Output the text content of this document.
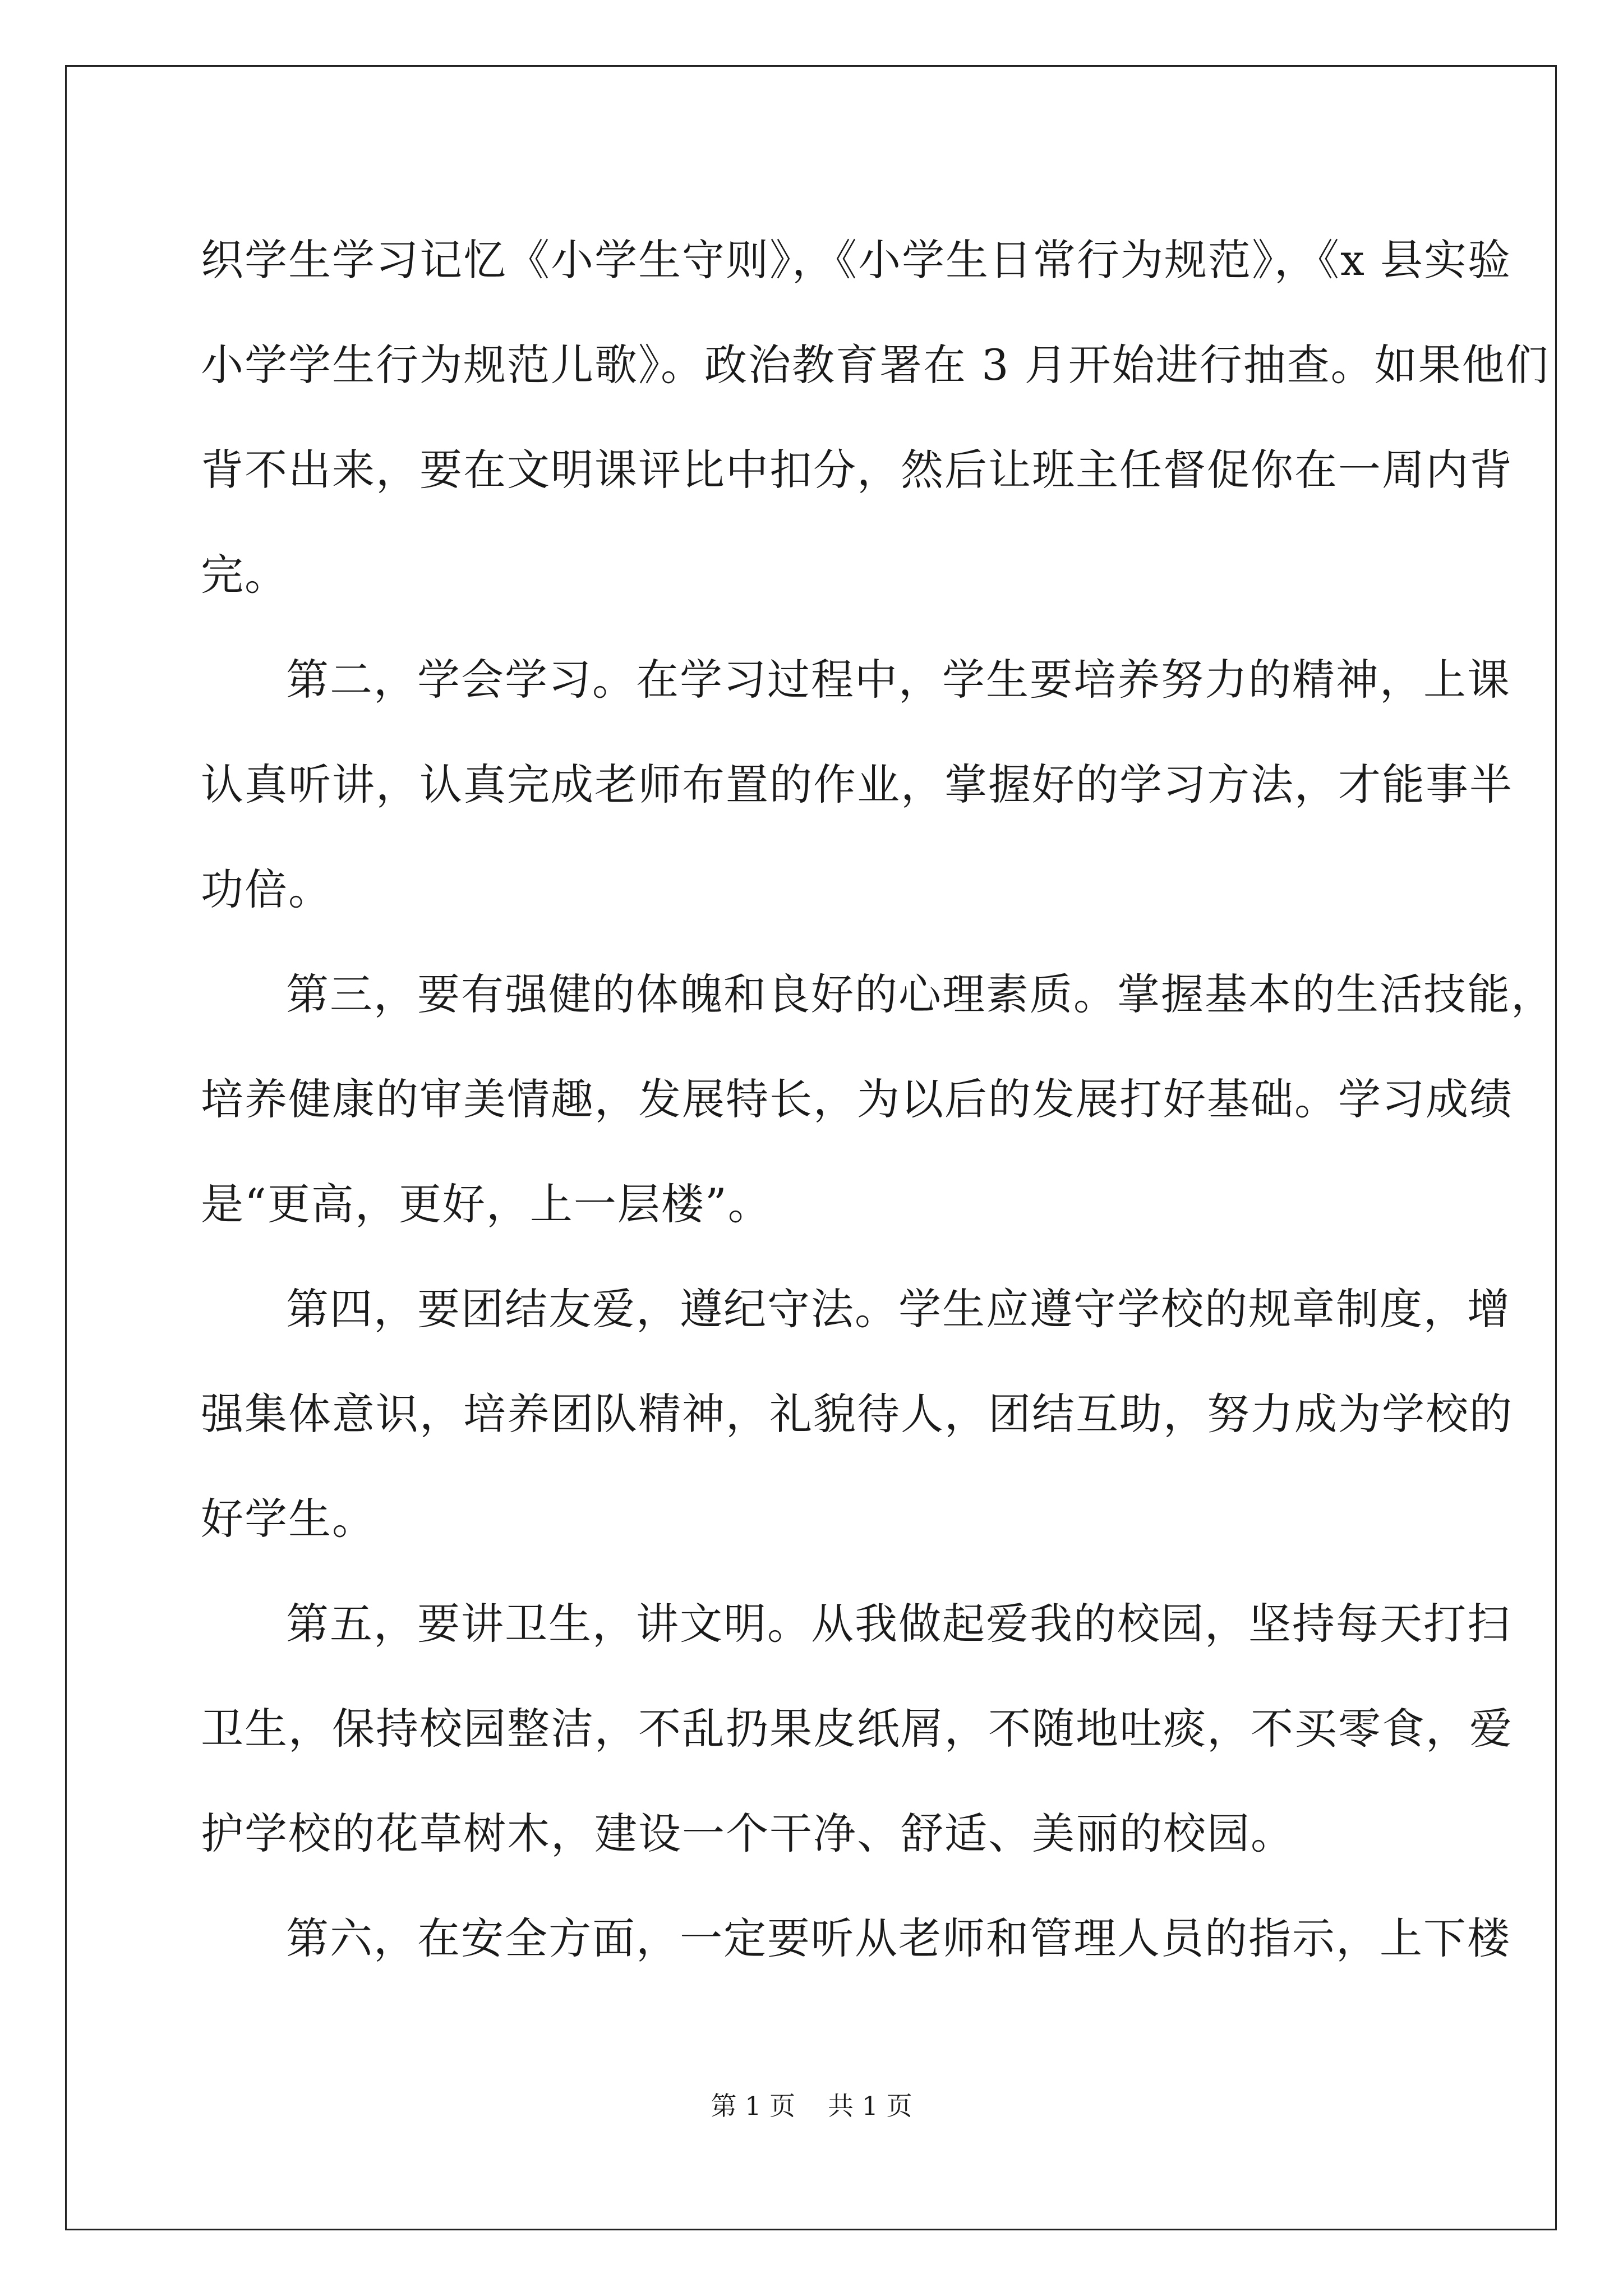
织学生学习记忆《小学生守则》，《小学生日常行为规范》，《x 县实验
小学学生行为规范儿歌》。政治教育署在 3 月开始进行抽查。如果他们
背不出来，要在文明课评比中扣分，然后让班主任督促你在一周内背
完。
第二，学会学习。在学习过程中，学生要培养努力的精神，上课
认真听讲，认真完成老师布置的作业，掌握好的学习方法，才能事半
功倍。
第三，要有强健的体魄和良好的心理素质。掌握基本的生活技能，
培养健康的审美情趣，发展特长，为以后的发展打好基础。学习成绩
是“更高，更好，上一层楼”。
第四，要团结友爱，遵纪守法。学生应遵守学校的规章制度，增
强集体意识，培养团队精神，礼貌待人，团结互助，努力成为学校的
好学生。
第五，要讲卫生，讲文明。从我做起爱我的校园，坚持每天打扫
卫生，保持校园整洁，不乱扔果皮纸屑，不随地吐痰，不买零食，爱
护学校的花草树木，建设一个干净、舒适、美丽的校园。
第六，在安全方面，一定要听从老师和管理人员的指示，上下楼
第 1 页 共 1 页
